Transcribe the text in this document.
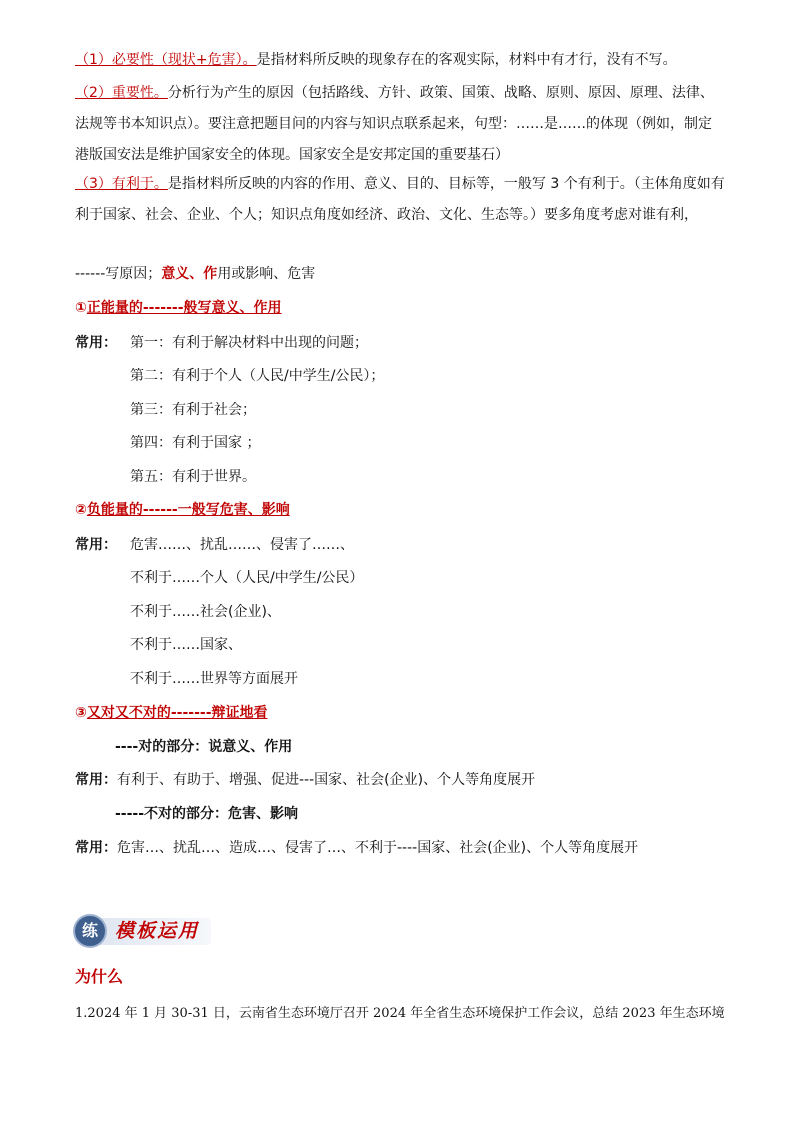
（1）必要性（现状+危害）。是指材料所反映的现象存在的客观实际，材料中有才行，没有不写。
（2）重要性。分析行为产生的原因（包括路线、方针、政策、国策、战略、原则、原因、原理、法律、法规等书本知识点）。要注意把题目问的内容与知识点联系起来，句型：……是……的体现（例如，制定港版国安法是维护国家安全的体现。国家安全是安邦定国的重要基石）
（3）有利于。是指材料所反映的内容的作用、意义、目的、目标等，一般写 3 个有利于。（主体角度如有利于国家、社会、企业、个人；知识点角度如经济、政治、文化、生态等。）要多角度考虑对谁有利，
------写原因；意义、作用或影响、危害
①正能量的-------般写意义、作用
常用： 第一：有利于解决材料中出现的问题；
第二：有利于个人（人民/中学生/公民）；
第三：有利于社会；
第四：有利于国家 ；
第五：有利于世界。
②负能量的------一般写危害、影响
常用： 危害……、扰乱……、侵害了……、
不利于……个人（人民/中学生/公民）
不利于……社会(企业)、
不利于……国家、
不利于……世界等方面展开
③又对又不对的-------辩证地看
----对的部分：说意义、作用
常用：有利于、有助于、增强、促进---国家、社会(企业)、个人等角度展开
-----不对的部分：危害、影响
常用：危害…、扰乱…、造成…、侵害了…、不利于----国家、社会(企业)、个人等角度展开
练 模板运用
为什么
1.2024 年 1 月 30-31 日，云南省生态环境厅召开 2024 年全省生态环境保护工作会议，总结 2023 年生态环境
